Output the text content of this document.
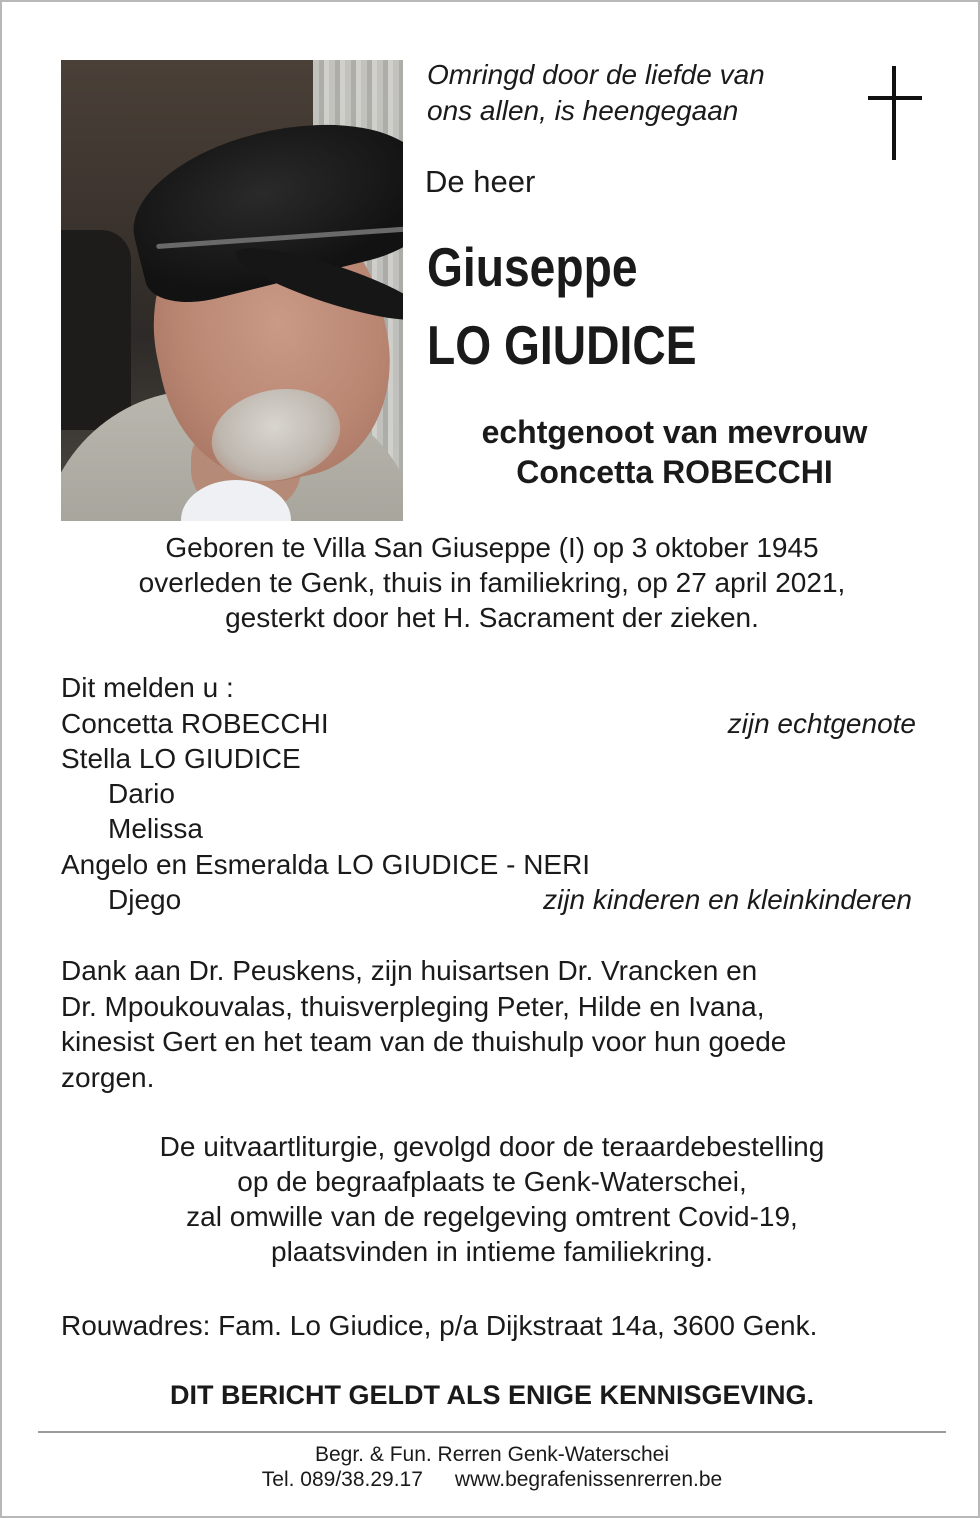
Omringd door de liefde van
ons allen, is heengegaan
De heer
Giuseppe
LO GIUDICE
echtgenoot van mevrouw
Concetta ROBECCHI
Geboren te Villa San Giuseppe (I) op 3 oktober 1945
overleden te Genk, thuis in familiekring, op 27 april 2021,
gesterkt door het H. Sacrament der zieken.
Dit melden u :
Concetta ROBECCHI	zijn echtgenote
Stella LO GIUDICE
Dario
Melissa
Angelo en Esmeralda LO GIUDICE - NERI
Djego	zijn kinderen en kleinkinderen
Dank aan Dr. Peuskens, zijn huisartsen Dr. Vrancken en
Dr. Mpoukouvalas, thuisverpleging Peter, Hilde en Ivana,
kinesist Gert en het team van de thuishulp voor hun goede
zorgen.
De uitvaartliturgie, gevolgd door de teraardebestelling
op de begraafplaats te Genk-Waterschei,
zal omwille van de regelgeving omtrent Covid-19,
plaatsvinden in intieme familiekring.
Rouwadres: Fam. Lo Giudice, p/a Dijkstraat 14a, 3600 Genk.
DIT BERICHT GELDT ALS ENIGE KENNISGEVING.
Begr. & Fun. Rerren Genk-Waterschei
Tel. 089/38.29.17 www.begrafenissenrerren.be
